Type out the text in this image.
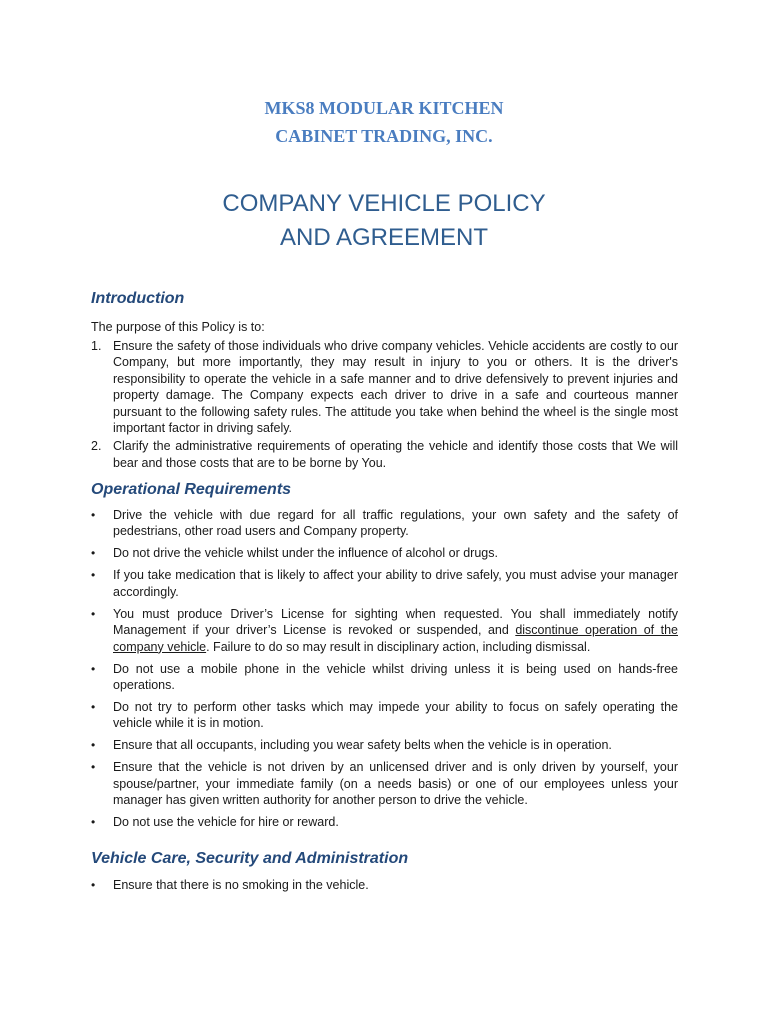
MKS8 MODULAR KITCHEN
CABINET TRADING, INC.
COMPANY VEHICLE POLICY
AND AGREEMENT
Introduction
The purpose of this Policy is to:
1. Ensure the safety of those individuals who drive company vehicles. Vehicle accidents are costly to our Company, but more importantly, they may result in injury to you or others. It is the driver's responsibility to operate the vehicle in a safe manner and to drive defensively to prevent injuries and property damage. The Company expects each driver to drive in a safe and courteous manner pursuant to the following safety rules. The attitude you take when behind the wheel is the single most important factor in driving safely.
2. Clarify the administrative requirements of operating the vehicle and identify those costs that We will bear and those costs that are to be borne by You.
Operational Requirements
• Drive the vehicle with due regard for all traffic regulations, your own safety and the safety of pedestrians, other road users and Company property.
• Do not drive the vehicle whilst under the influence of alcohol or drugs.
• If you take medication that is likely to affect your ability to drive safely, you must advise your manager accordingly.
• You must produce Driver’s License for sighting when requested. You shall immediately notify Management if your driver’s License is revoked or suspended, and discontinue operation of the company vehicle. Failure to do so may result in disciplinary action, including dismissal.
• Do not use a mobile phone in the vehicle whilst driving unless it is being used on hands-free operations.
• Do not try to perform other tasks which may impede your ability to focus on safely operating the vehicle while it is in motion.
• Ensure that all occupants, including you wear safety belts when the vehicle is in operation.
• Ensure that the vehicle is not driven by an unlicensed driver and is only driven by yourself, your spouse/partner, your immediate family (on a needs basis) or one of our employees unless your manager has given written authority for another person to drive the vehicle.
• Do not use the vehicle for hire or reward.
Vehicle Care, Security and Administration
• Ensure that there is no smoking in the vehicle.
